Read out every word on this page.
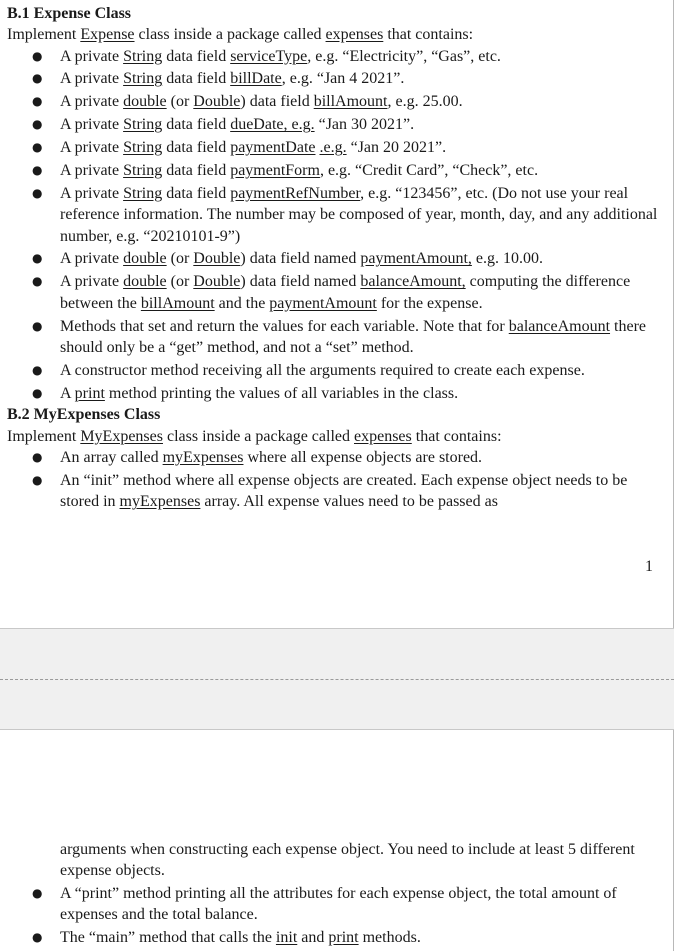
B.1 Expense Class

Implement Expense class inside a package called expenses that contains:

● A private String data field serviceType, e.g. “Electricity”, “Gas”, etc.
● A private String data field billDate, e.g. “Jan 4 2021”.
● A private double (or Double) data field billAmount, e.g. 25.00.
● A private String data field dueDate, e.g. “Jan 30 2021”.
● A private String data field paymentDate .e.g. “Jan 20 2021”.
● A private String data field paymentForm, e.g. “Credit Card”, “Check”, etc.
● A private String data field paymentRefNumber, e.g. “123456”, etc. (Do not use your real reference information. The number may be composed of year, month, day, and any additional number, e.g. “20210101-9”)
● A private double (or Double) data field named paymentAmount, e.g. 10.00.
● A private double (or Double) data field named balanceAmount, computing the difference between the billAmount and the paymentAmount for the expense.
● Methods that set and return the values for each variable. Note that for balanceAmount there should only be a “get” method, and not a “set” method.
● A constructor method receiving all the arguments required to create each expense.
● A print method printing the values of all variables in the class.
B.2 MyExpenses Class

Implement MyExpenses class inside a package called expenses that contains:

● An array called myExpenses where all expense objects are stored.
● An “init” method where all expense objects are created. Each expense object needs to be stored in myExpenses array. All expense values need to be passed as
1
arguments when constructing each expense object. You need to include at least 5 different expense objects.
● A “print” method printing all the attributes for each expense object, the total amount of expenses and the total balance.
● The “main” method that calls the init and print methods.
